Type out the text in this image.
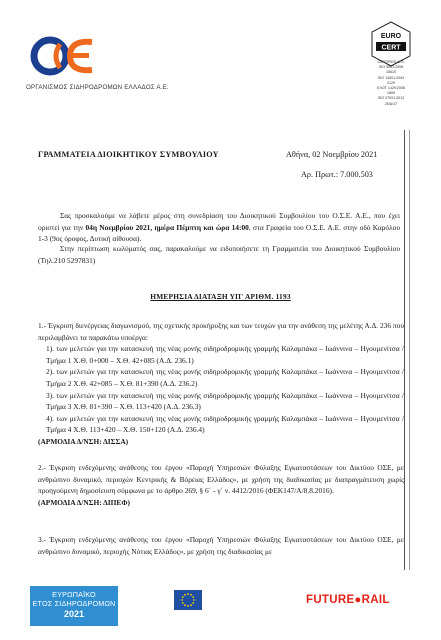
ΟΡΓΑΝΙΣΜΟΣ ΣΙΔΗΡΟΔΡΟΜΩΝ ΕΛΛΑΔΟΣ Α.Ε.
EURO
CERT
CERTIFIED M.S.
ISO 9001:2008
15610
ISO 14001:2004
2129
ΕΛΟΤ 1429:2008
1806
ISO 27001:2013
25/A/17
ΓΡΑΜΜΑΤΕΙΑ ΔΙΟΙΚΗΤΙΚΟΥ ΣΥΜΒΟΥΛΙΟΥ	Αθήνα, 02 Νοεμβρίου 2021
Αρ. Πρωτ.: 7.000.503
Σας προσκαλούμε να λάβετε μέρος στη συνεδρίαση του Διοικητικού Συμβουλίου του Ο.Σ.Ε. Α.Ε., που έχει οριστεί για την 04η Νοεμβρίου 2021, ημέρα Πέμπτη και ώρα 14:00, στα Γραφεία του Ο.Σ.Ε. Α.Ε. στην οδό Καρόλου 1-3 (9ος όροφος, Δυτική αίθουσα).
Στην περίπτωση κωλύματός σας, παρακαλούμε να ειδοποιήσετε τη Γραμματεία του Διοικητικού Συμβουλίου (Τηλ.210 5297831)
ΗΜΕΡΗΣΙΑ ΔΙΑΤΑΞΗ ΥΠ' ΑΡΙΘΜ. 1193
1.- Έγκριση διενέργειας διαγωνισμού, της σχετικής προκήρυξης και των τευχών για την ανάθεση της μελέτης Α.Δ. 236 που περιλαμβάνει τα παρακάτω υποέργα:
1). των μελετών για την κατασκευή της νέας μονής σιδηροδρομικής γραμμής Καλαμπάκα – Ιωάννινα – Ηγουμενίτσα / Τμήμα 1 Χ.Θ. 0+000 – Χ.Θ. 42+085 (Α.Δ. 236.1)
2). των μελετών για την κατασκευή της νέας μονής σιδηροδρομικής γραμμής Καλαμπάκα – Ιωάννινα – Ηγουμενίτσα / Τμήμα 2 Χ.Θ. 42+085 – Χ.Θ. 81+390 (Α.Δ. 236.2)
3). των μελετών για την κατασκευή της νέας μονής σιδηροδρομικής γραμμής Καλαμπάκα – Ιωάννινα – Ηγουμενίτσα / Τμήμα 3 Χ.Θ. 81+390 – Χ.Θ. 113+420 (Α.Δ. 236.3)
4). των μελετών για την κατασκευή της νέας μονής σιδηροδρομικής γραμμής Καλαμπάκα – Ιωάννινα – Ηγουμενίτσα / Τμήμα 4 Χ.Θ. 113+420 – Χ.Θ. 150+120 (Α.Δ. 236.4)
(ΑΡΜΟΔΙΑ Δ/ΝΣΗ: ΔΙΣΣΑ)
2.- Έγκριση ενδεχόμενης ανάθεσης του έργου «Παροχή Υπηρεσιών Φύλαξης Εγκαταστάσεων του Δικτύου ΟΣΕ, με ανθρώπινο δυναμικό, περιοχών Κεντρικής & Βόρειας Ελλάδος», με χρήση της διαδικασίας με διαπραγμάτευση χωρίς προηγούμενη δημοσίευση σύμφωνα με το άρθρο 269, § 6΄ - γ΄ ν. 4412/2016 (ΦΕΚ147/Α/8.8.2016).
(ΑΡΜΟΔΙΑ Δ/ΝΣΗ: ΔΙΠΕΦ)
3.- Έγκριση ενδεχόμενης ανάθεσης του έργου «Παροχή Υπηρεσιών Φύλαξης Εγκαταστάσεων του Δικτύου ΟΣΕ, με ανθρώπινο δυναμικό, περιοχής Νότιας Ελλάδος», με χρήση της διαδικασίας με
ΕΥΡΩΠΑΪΚΟ
ΕΤΟΣ ΣΙΔΗΡΟΔΡΟΜΩΝ
2021
FUTURE●RAIL
